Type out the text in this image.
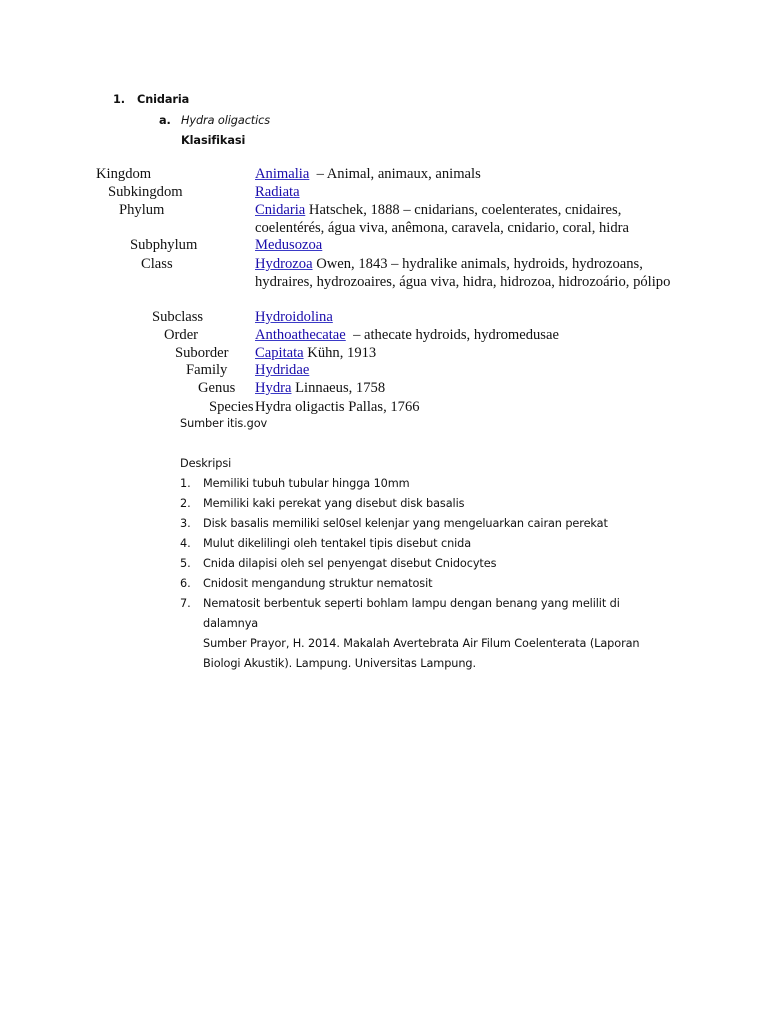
1. Cnidaria
a. Hydra oligactics
Klasifikasi
Kingdom	Animalia  – Animal, animaux, animals
Subkingdom	Radiata
Phylum	Cnidaria Hatschek, 1888 – cnidarians, coelenterates, cnidaires, coelentérés, água viva, anêmona, caravela, cnidario, coral, hidra
Subphylum	Medusozoa
Class	Hydrozoa Owen, 1843 – hydralike animals, hydroids, hydrozoans, hydraires, hydrozoaires, água viva, hidra, hidrozoa, hidrozoário, pólipo
Subclass	Hydroidolina
Order	Anthoathecatae  – athecate hydroids, hydromedusae
Suborder Capitata Kühn, 1913
Family Hydridae
Genus Hydra Linnaeus, 1758
Species Hydra oligactis Pallas, 1766
Sumber itis.gov
Deskripsi
1. Memiliki tubuh tubular hingga 10mm
2. Memiliki kaki perekat yang disebut disk basalis
3. Disk basalis memiliki sel0sel kelenjar yang mengeluarkan cairan perekat
4. Mulut dikelilingi oleh tentakel tipis disebut cnida
5. Cnida dilapisi oleh sel penyengat disebut Cnidocytes
6. Cnidosit mengandung struktur nematosit
7. Nematosit berbentuk seperti bohlam lampu dengan benang yang melilit di
dalamnya
Sumber Prayor, H. 2014. Makalah Avertebrata Air Filum Coelenterata (Laporan
Biologi Akustik). Lampung. Universitas Lampung.
